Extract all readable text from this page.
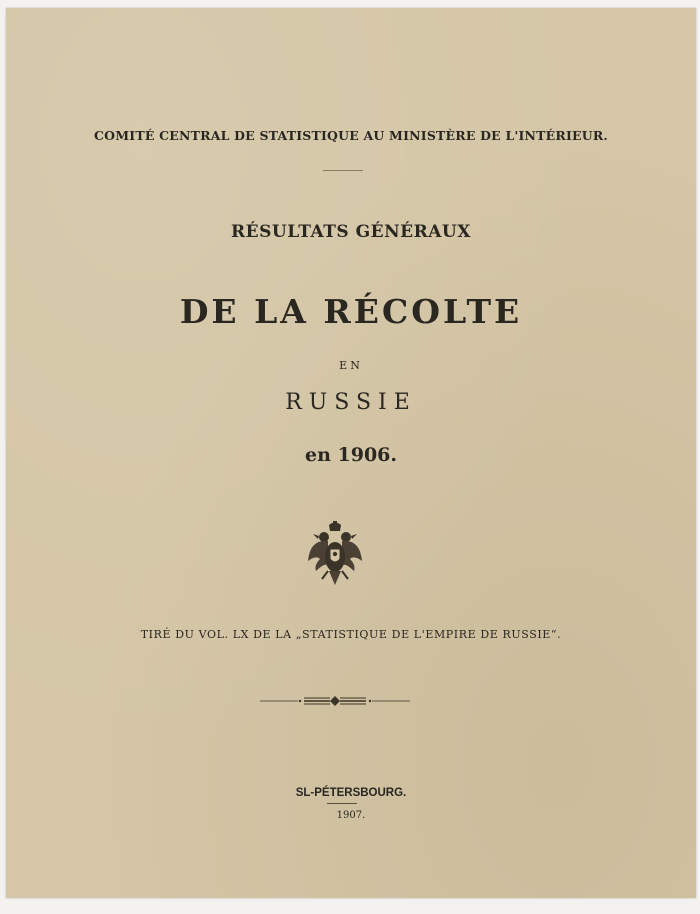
COMITÉ CENTRAL DE STATISTIQUE AU MINISTÈRE DE L'INTÉRIEUR.
RÉSULTATS GÉNÉRAUX
DE LA RÉCOLTE
EN
RUSSIE
en 1906.
TIRÉ DU VOL. LX DE LA „STATISTIQUE DE L'EMPIRE DE RUSSIE“.
SL-PÉTERSBOURG.
1907.
